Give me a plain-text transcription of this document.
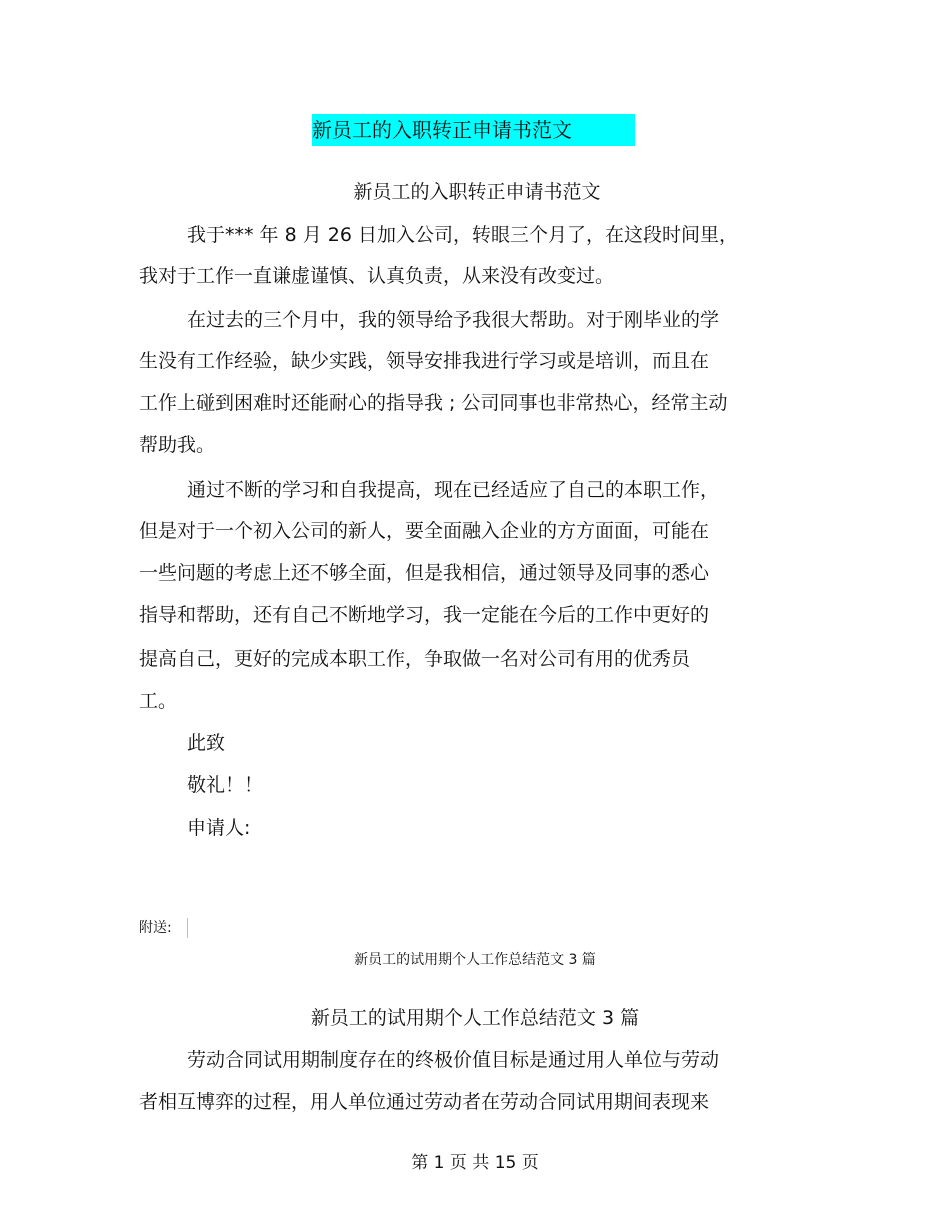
新员工的入职转正申请书范文
新员工的入职转正申请书范文
我于*** 年 8 月 26 日加入公司，转眼三个月了，在这段时间里，
我对于工作一直谦虚谨慎、认真负责，从来没有改变过。
在过去的三个月中，我的领导给予我很大帮助。对于刚毕业的学
生没有工作经验，缺少实践，领导安排我进行学习或是培训，而且在
工作上碰到困难时还能耐心的指导我 ; 公司同事也非常热心，经常主动
帮助我。
通过不断的学习和自我提高，现在已经适应了自己的本职工作，
但是对于一个初入公司的新人，要全面融入企业的方方面面，可能在
一些问题的考虑上还不够全面，但是我相信，通过领导及同事的悉心
指导和帮助，还有自己不断地学习，我一定能在今后的工作中更好的
提高自己，更好的完成本职工作，争取做一名对公司有用的优秀员
工。
此致
敬礼！！
申请人:
附送:
新员工的试用期个人工作总结范文 3 篇
新员工的试用期个人工作总结范文 3 篇
劳动合同试用期制度存在的终极价值目标是通过用人单位与劳动
者相互博弈的过程，用人单位通过劳动者在劳动合同试用期间表现来
第 1 页 共 15 页
